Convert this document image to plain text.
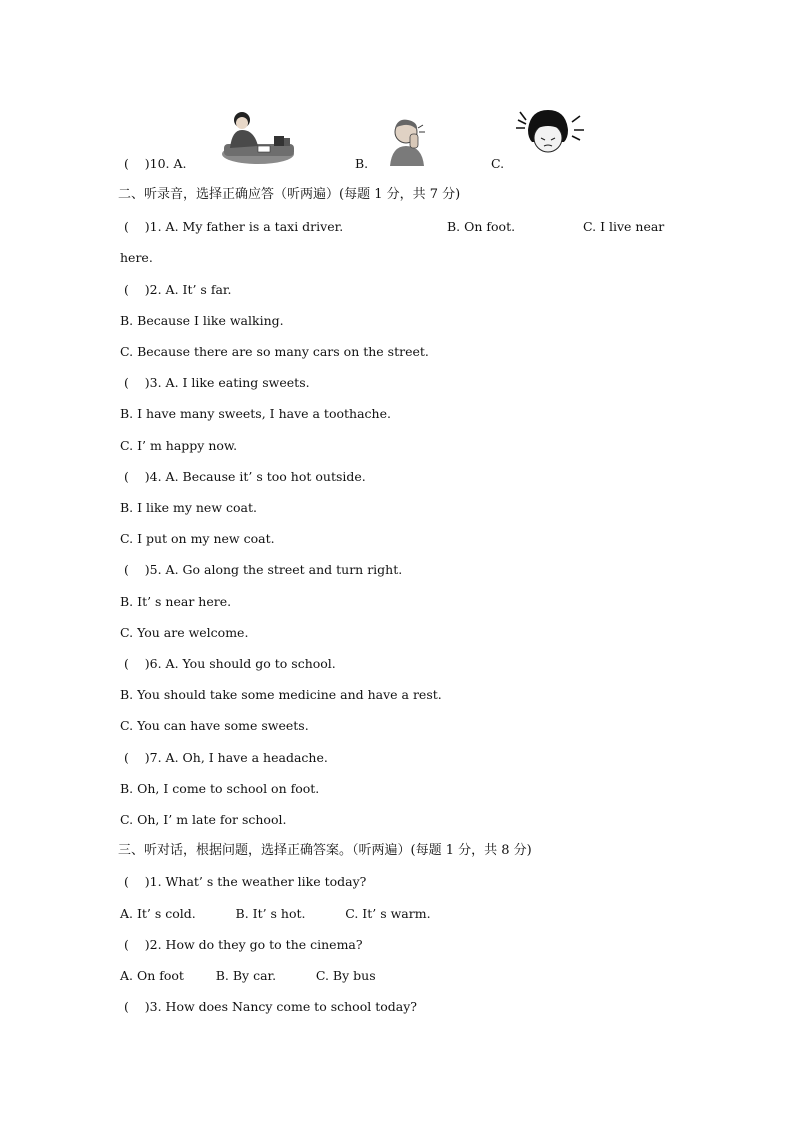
(    )10. A.	B.	C.
二、听录音，选择正确应答（听两遍）(每题 1 分，共 7 分)
(    )1. A. My father is a taxi driver.	B. On foot.	C. I live near
here.
(    )2. A. It’ s far.
B. Because I like walking.
C. Because there are so many cars on the street.
(    )3. A. I like eating sweets.
B. I have many sweets, I have a toothache.
C. I’ m happy now.
(    )4. A. Because it’ s too hot outside.
B. I like my new coat.
C. I put on my new coat.
(    )5. A. Go along the street and turn right.
B. It’ s near here.
C. You are welcome.
(    )6. A. You should go to school.
B. You should take some medicine and have a rest.
C. You can have some sweets.
(    )7. A. Oh, I have a headache.
B. Oh, I come to school on foot.
C. Oh, I’ m late for school.
三、听对话，根据问题，选择正确答案。（听两遍）(每题 1 分，共 8 分)
(    )1. What’ s the weather like today?
A. It’ s cold.          B. It’ s hot.          C. It’ s warm.
(    )2. How do they go to the cinema?
A. On foot        B. By car.          C. By bus
(    )3. How does Nancy come to school today?
